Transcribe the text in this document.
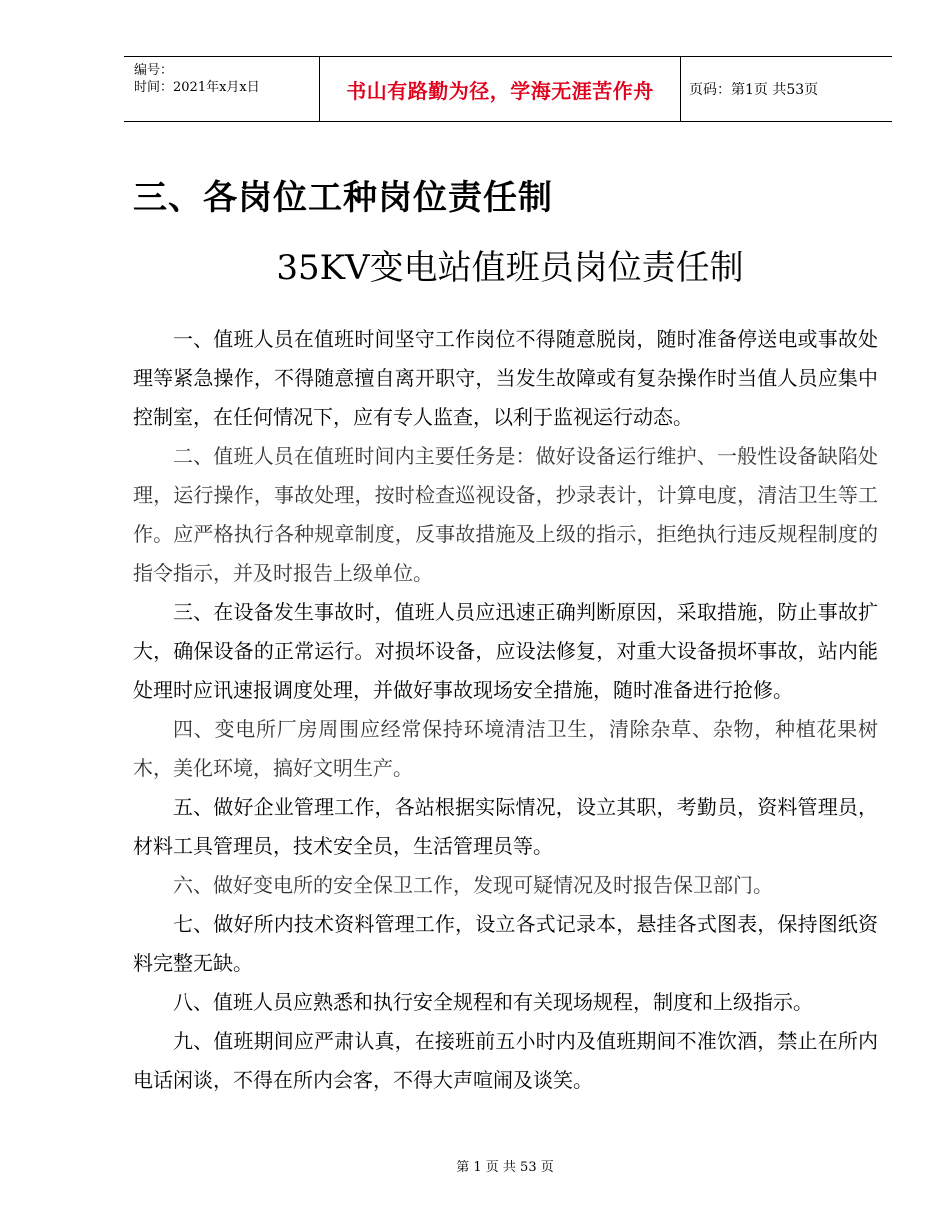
编号：
时间：2021年x月x日	书山有路勤为径，学海无涯苦作舟	页码：第1页 共53页
三、各岗位工种岗位责任制
35KV变电站值班员岗位责任制

一、值班人员在值班时间坚守工作岗位不得随意脱岗，随时准备停送电或事故处理等紧急操作，不得随意擅自离开职守，当发生故障或有复杂操作时当值人员应集中控制室，在任何情况下，应有专人监查，以利于监视运行动态。

二、值班人员在值班时间内主要任务是：做好设备运行维护、一般性设备缺陷处理，运行操作，事故处理，按时检查巡视设备，抄录表计，计算电度，清洁卫生等工作。应严格执行各种规章制度，反事故措施及上级的指示，拒绝执行违反规程制度的指令指示，并及时报告上级单位。

三、在设备发生事故时，值班人员应迅速正确判断原因，采取措施，防止事故扩大，确保设备的正常运行。对损坏设备，应设法修复，对重大设备损坏事故，站内能处理时应讯速报调度处理，并做好事故现场安全措施，随时准备进行抢修。

四、变电所厂房周围应经常保持环境清洁卫生，清除杂草、杂物，种植花果树木，美化环境，搞好文明生产。

五、做好企业管理工作，各站根据实际情况，设立其职，考勤员，资料管理员，材料工具管理员，技术安全员，生活管理员等。

六、做好变电所的安全保卫工作，发现可疑情况及时报告保卫部门。

七、做好所内技术资料管理工作，设立各式记录本，悬挂各式图表，保持图纸资料完整无缺。

八、值班人员应熟悉和执行安全规程和有关现场规程，制度和上级指示。

九、值班期间应严肃认真，在接班前五小时内及值班期间不准饮酒，禁止在所内电话闲谈，不得在所内会客，不得大声喧闹及谈笑。

第 1 页 共 53 页
